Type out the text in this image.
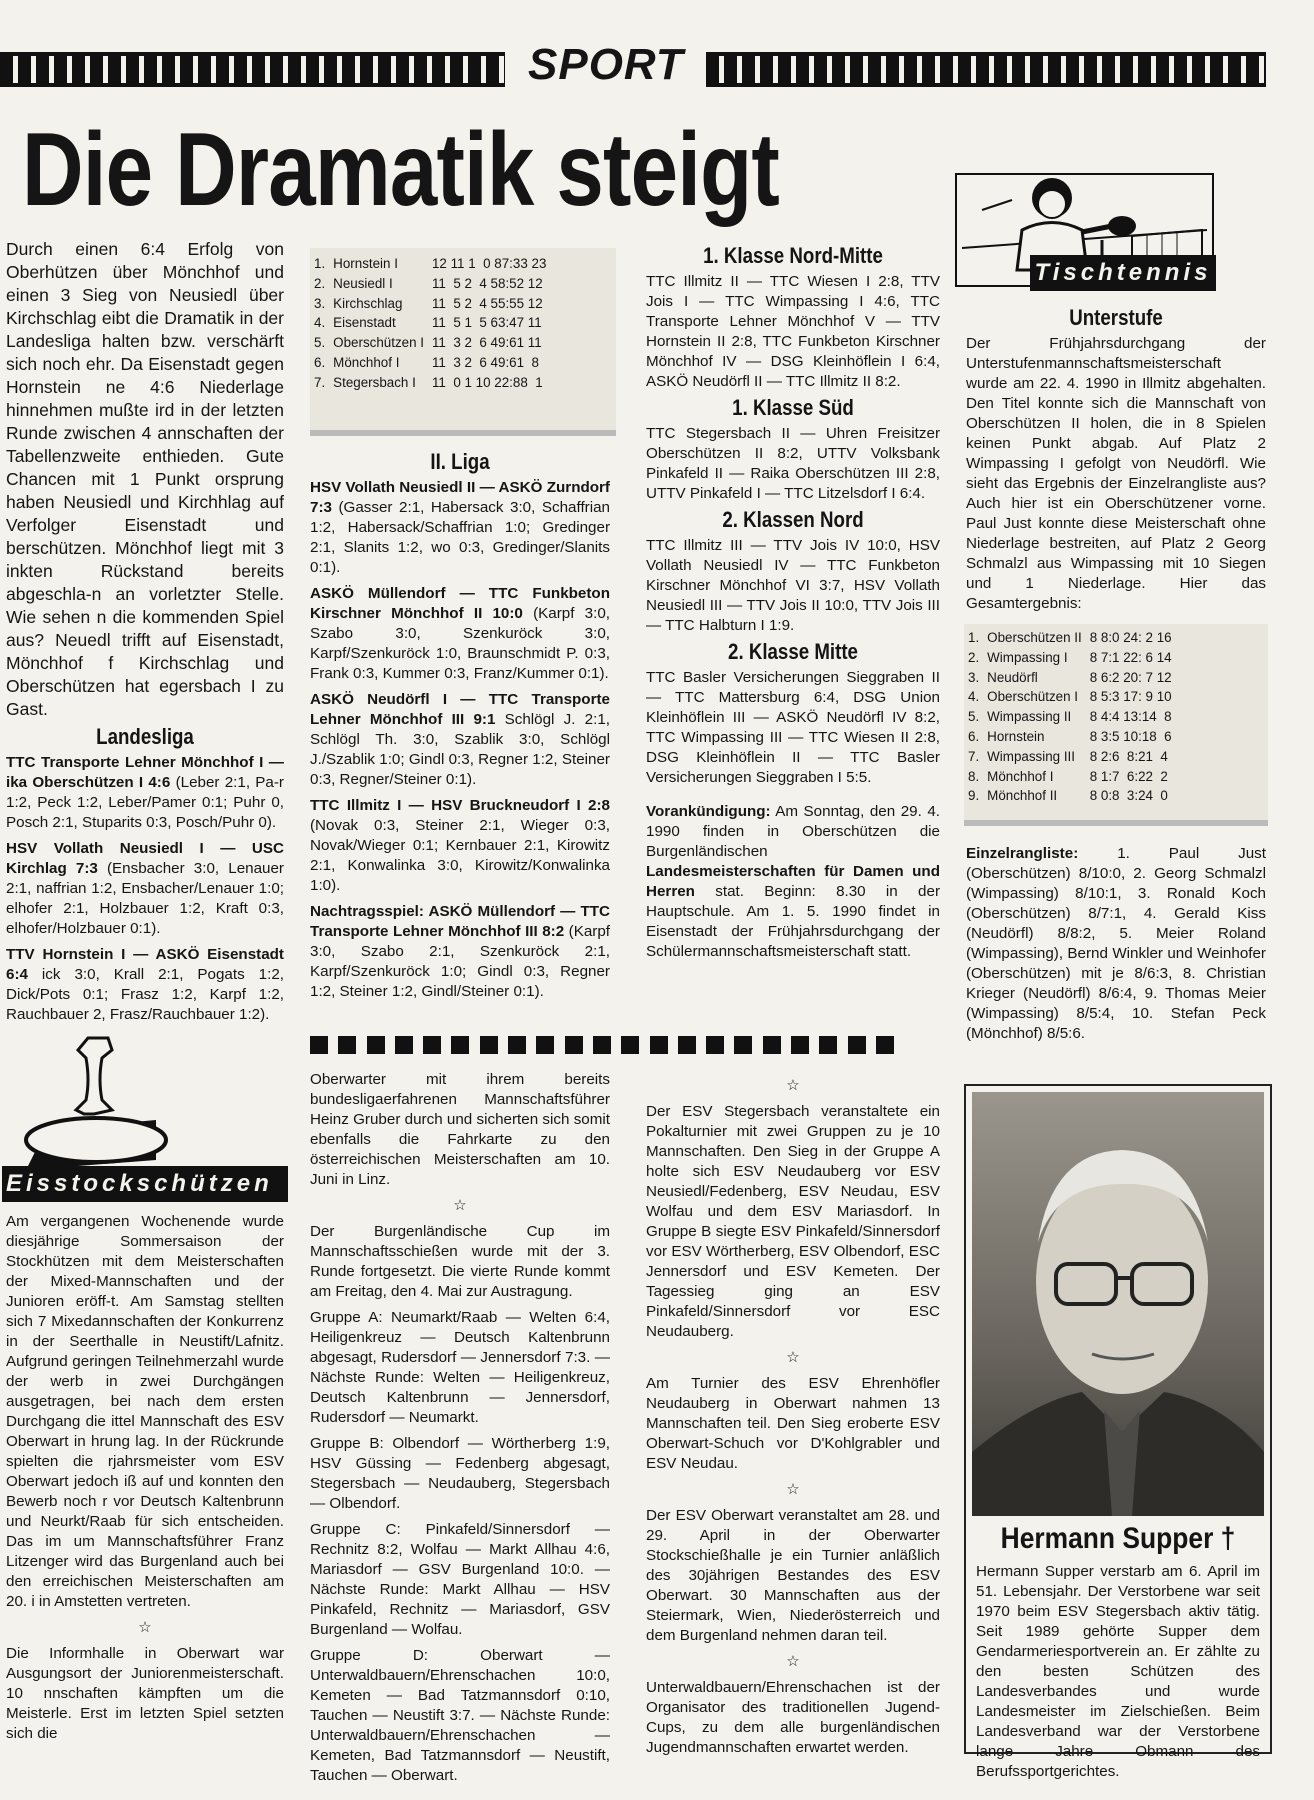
SPORT
Die Dramatik steigt

Durch einen 6:4 Erfolg von Oberhützen über Mönchhof und einen 3 Sieg von Neusiedl über Kirchschlag eibt die Dramatik in der Landesliga halten bzw. verschärft sich noch ehr. Da Eisenstadt gegen Hornstein ne 4:6 Niederlage hinnehmen mußte ird in der letzten Runde zwischen 4 annschaften der Tabellenzweite enthieden. Gute Chancen mit 1 Punkt orsprung haben Neusiedl und Kirchhlag auf Verfolger Eisenstadt und berschützen. Mönchhof liegt mit 3 inkten Rückstand bereits abgeschla-n an vorletzter Stelle. Wie sehen n die kommenden Spiel aus? Neuedl trifft auf Eisenstadt, Mönchhof f Kirchschlag und Oberschützen hat egersbach I zu Gast.

Landesliga

TTC Transporte Lehner Mönchhof I — ika Oberschützen I 4:6 (Leber 2:1, Pa-r 1:2, Peck 1:2, Leber/Pamer 0:1; Puhr 0, Posch 2:1, Stuparits 0:3, Posch/Puhr 0).

HSV Vollath Neusiedl I — USC Kirchlag 7:3 (Ensbacher 3:0, Lenauer 2:1, naffrian 1:2, Ensbacher/Lenauer 1:0; elhofer 2:1, Holzbauer 1:2, Kraft 0:3, elhofer/Holzbauer 0:1).

TTV Hornstein I — ASKÖ Eisenstadt 6:4 ick 3:0, Krall 2:1, Pogats 1:2, Dick/Pots 0:1; Frasz 1:2, Karpf 1:2, Rauchbauer 2, Frasz/Rauchbauer 1:2).

1.	Hornstein I	12 11 1  0 87:33 23
2.	Neusiedl I	11  5 2  4 58:52 12
3.	Kirchschlag	11  5 2  4 55:55 12
4.	Eisenstadt	11  5 1  5 63:47 11
5.	Oberschützen I	11  3 2  6 49:61 11
6.	Mönchhof I	11  3 2  6 49:61  8
7.	Stegersbach I	11  0 1 10 22:88  1
II. Liga

HSV Vollath Neusiedl II — ASKÖ Zurndorf 7:3 (Gasser 2:1, Habersack 3:0, Schaffrian 1:2, Habersack/Schaffrian 1:0; Gredinger 2:1, Slanits 1:2, wo 0:3, Gredinger/Slanits 0:1).

ASKÖ Müllendorf — TTC Funkbeton Kirschner Mönchhof II 10:0 (Karpf 3:0, Szabo 3:0, Szenkuröck 3:0, Karpf/Szenkuröck 1:0, Braunschmidt P. 0:3, Frank 0:3, Kummer 0:3, Franz/Kummer 0:1).

ASKÖ Neudörfl I — TTC Transporte Lehner Mönchhof III 9:1 Schlögl J. 2:1, Schlögl Th. 3:0, Szablik 3:0, Schlögl J./Szablik 1:0; Gindl 0:3, Regner 1:2, Steiner 0:3, Regner/Steiner 0:1).

TTC Illmitz I — HSV Bruckneudorf I 2:8 (Novak 0:3, Steiner 2:1, Wieger 0:3, Novak/Wieger 0:1; Kernbauer 2:1, Kirowitz 2:1, Konwalinka 3:0, Kirowitz/Konwalinka 1:0).

Nachtragsspiel: ASKÖ Müllendorf — TTC Transporte Lehner Mönchhof III 8:2 (Karpf 3:0, Szabo 2:1, Szenkuröck 2:1, Karpf/Szenkuröck 1:0; Gindl 0:3, Regner 1:2, Steiner 1:2, Gindl/Steiner 0:1).

1. Klasse Nord-Mitte

TTC Illmitz II — TTC Wiesen I 2:8, TTV Jois I — TTC Wimpassing I 4:6, TTC Transporte Lehner Mönchhof V — TTV Hornstein II 2:8, TTC Funkbeton Kirschner Mönchhof IV — DSG Kleinhöflein I 6:4, ASKÖ Neudörfl II — TTC Illmitz II 8:2.

1. Klasse Süd

TTC Stegersbach II — Uhren Freisitzer Oberschützen II 8:2, UTTV Volksbank Pinkafeld II — Raika Oberschützen III 2:8, UTTV Pinkafeld I — TTC Litzelsdorf I 6:4.

2. Klassen Nord

TTC Illmitz III — TTV Jois IV 10:0, HSV Vollath Neusiedl IV — TTC Funkbeton Kirschner Mönchhof VI 3:7, HSV Vollath Neusiedl III — TTV Jois II 10:0, TTV Jois III — TTC Halbturn I 1:9.

2. Klasse Mitte

TTC Basler Versicherungen Sieggraben II — TTC Mattersburg 6:4, DSG Union Kleinhöflein III — ASKÖ Neudörfl IV 8:2, TTC Wimpassing III — TTC Wiesen II 2:8, DSG Kleinhöflein II — TTC Basler Versicherungen Sieggraben I 5:5.

Vorankündigung: Am Sonntag, den 29. 4. 1990 finden in Oberschützen die Burgenländischen Landesmeisterschaften für Damen und Herren stat. Beginn: 8.30 in der Hauptschule. Am 1. 5. 1990 findet in Eisenstadt der Frühjahrsdurchgang der Schülermannschaftsmeisterschaft statt.

Tischtennis
Unterstufe

Der Frühjahrsdurchgang der Unterstufenmannschaftsmeisterschaft wurde am 22. 4. 1990 in Illmitz abgehalten. Den Titel konnte sich die Mannschaft von Oberschützen II holen, die in 8 Spielen keinen Punkt abgab. Auf Platz 2 Wimpassing I gefolgt von Neudörfl. Wie sieht das Ergebnis der Einzelrangliste aus? Auch hier ist ein Oberschützener vorne. Paul Just konnte diese Meisterschaft ohne Niederlage bestreiten, auf Platz 2 Georg Schmalzl aus Wimpassing mit 10 Siegen und 1 Niederlage. Hier das Gesamtergebnis:

1.	Oberschützen II	8 8:0 24: 2 16
2.	Wimpassing I	8 7:1 22: 6 14
3.	Neudörfl	8 6:2 20: 7 12
4.	Oberschützen I	8 5:3 17: 9 10
5.	Wimpassing II	8 4:4 13:14  8
6.	Hornstein	8 3:5 10:18  6
7.	Wimpassing III	8 2:6  8:21  4
8.	Mönchhof I	8 1:7  6:22  2
9.	Mönchhof II	8 0:8  3:24  0

Einzelrangliste: 1. Paul Just (Oberschützen) 8/10:0, 2. Georg Schmalzl (Wimpassing) 8/10:1, 3. Ronald Koch (Oberschützen) 8/7:1, 4. Gerald Kiss (Neudörfl) 8/8:2, 5. Meier Roland (Wimpassing), Bernd Winkler und Weinhofer (Oberschützen) mit je 8/6:3, 8. Christian Krieger (Neudörfl) 8/6:4, 9. Thomas Meier (Wimpassing) 8/5:4, 10. Stefan Peck (Mönchhof) 8/5:6.

Eisstockschützen

Am vergangenen Wochenende wurde diesjährige Sommersaison der Stockhützen mit dem Meisterschaften der Mixed-Mannschaften und der Junioren eröff-t. Am Samstag stellten sich 7 Mixedannschaften der Konkurrenz in der Seerthalle in Neustift/Lafnitz. Aufgrund geringen Teilnehmerzahl wurde der werb in zwei Durchgängen ausgetragen, bei nach dem ersten Durchgang die ittel Mannschaft des ESV Oberwart in hrung lag. In der Rückrunde spielten die rjahrsmeister vom ESV Oberwart jedoch iß auf und konnten den Bewerb noch r vor Deutsch Kaltenbrunn und Neurkt/Raab für sich entscheiden. Das im um Mannschaftsführer Franz Litzenger wird das Burgenland auch bei den erreichischen Meisterschaften am 20. i in Amstetten vertreten.

☆

Die Informhalle in Oberwart war Ausgungsort der Juniorenmeisterschaft. 10 nnschaften kämpften um die Meisterle. Erst im letzten Spiel setzten sich die

Oberwarter mit ihrem bereits bundesligaerfahrenen Mannschaftsführer Heinz Gruber durch und sicherten sich somit ebenfalls die Fahrkarte zu den österreichischen Meisterschaften am 10. Juni in Linz.

☆

Der Burgenländische Cup im Mannschaftsschießen wurde mit der 3. Runde fortgesetzt. Die vierte Runde kommt am Freitag, den 4. Mai zur Austragung.

Gruppe A: Neumarkt/Raab — Welten 6:4, Heiligenkreuz — Deutsch Kaltenbrunn abgesagt, Rudersdorf — Jennersdorf 7:3. — Nächste Runde: Welten — Heiligenkreuz, Deutsch Kaltenbrunn — Jennersdorf, Rudersdorf — Neumarkt.

Gruppe B: Olbendorf — Wörtherberg 1:9, HSV Güssing — Fedenberg abgesagt, Stegersbach — Neudauberg, Stegersbach — Olbendorf.

Gruppe C: Pinkafeld/Sinnersdorf — Rechnitz 8:2, Wolfau — Markt Allhau 4:6, Mariasdorf — GSV Burgenland 10:0. — Nächste Runde: Markt Allhau — HSV Pinkafeld, Rechnitz — Mariasdorf, GSV Burgenland — Wolfau.

Gruppe D: Oberwart — Unterwaldbauern/Ehrenschachen 10:0, Kemeten — Bad Tatzmannsdorf 0:10, Tauchen — Neustift 3:7. — Nächste Runde: Unterwaldbauern/Ehrenschachen — Kemeten, Bad Tatzmannsdorf — Neustift, Tauchen — Oberwart.

☆

Der ESV Stegersbach veranstaltete ein Pokalturnier mit zwei Gruppen zu je 10 Mannschaften. Den Sieg in der Gruppe A holte sich ESV Neudauberg vor ESV Neusiedl/Fedenberg, ESV Neudau, ESV Wolfau und dem ESV Mariasdorf. In Gruppe B siegte ESV Pinkafeld/Sinnersdorf vor ESV Wörtherberg, ESV Olbendorf, ESC Jennersdorf und ESV Kemeten. Der Tagessieg ging an ESV Pinkafeld/Sinnersdorf vor ESC Neudauberg.

☆

Am Turnier des ESV Ehrenhöfler Neudauberg in Oberwart nahmen 13 Mannschaften teil. Den Sieg eroberte ESV Oberwart-Schuch vor D'Kohlgrabler und ESV Neudau.

☆

Der ESV Oberwart veranstaltet am 28. und 29. April in der Oberwarter Stockschießhalle je ein Turnier anläßlich des 30jährigen Bestandes des ESV Oberwart. 30 Mannschaften aus der Steiermark, Wien, Niederösterreich und dem Burgenland nehmen daran teil.

☆

Unterwaldbauern/Ehrenschachen ist der Organisator des traditionellen Jugend-Cups, zu dem alle burgenländischen Jugendmannschaften erwartet werden.

Hermann Supper †

Hermann Supper verstarb am 6. April im 51. Lebensjahr. Der Verstorbene war seit 1970 beim ESV Stegersbach aktiv tätig. Seit 1989 gehörte Supper dem Gendarmeriesportverein an. Er zählte zu den besten Schützen des Landesverbandes und wurde Landesmeister im Zielschießen. Beim Landesverband war der Verstorbene lange Jahre Obmann des Berufssportgerichtes.
